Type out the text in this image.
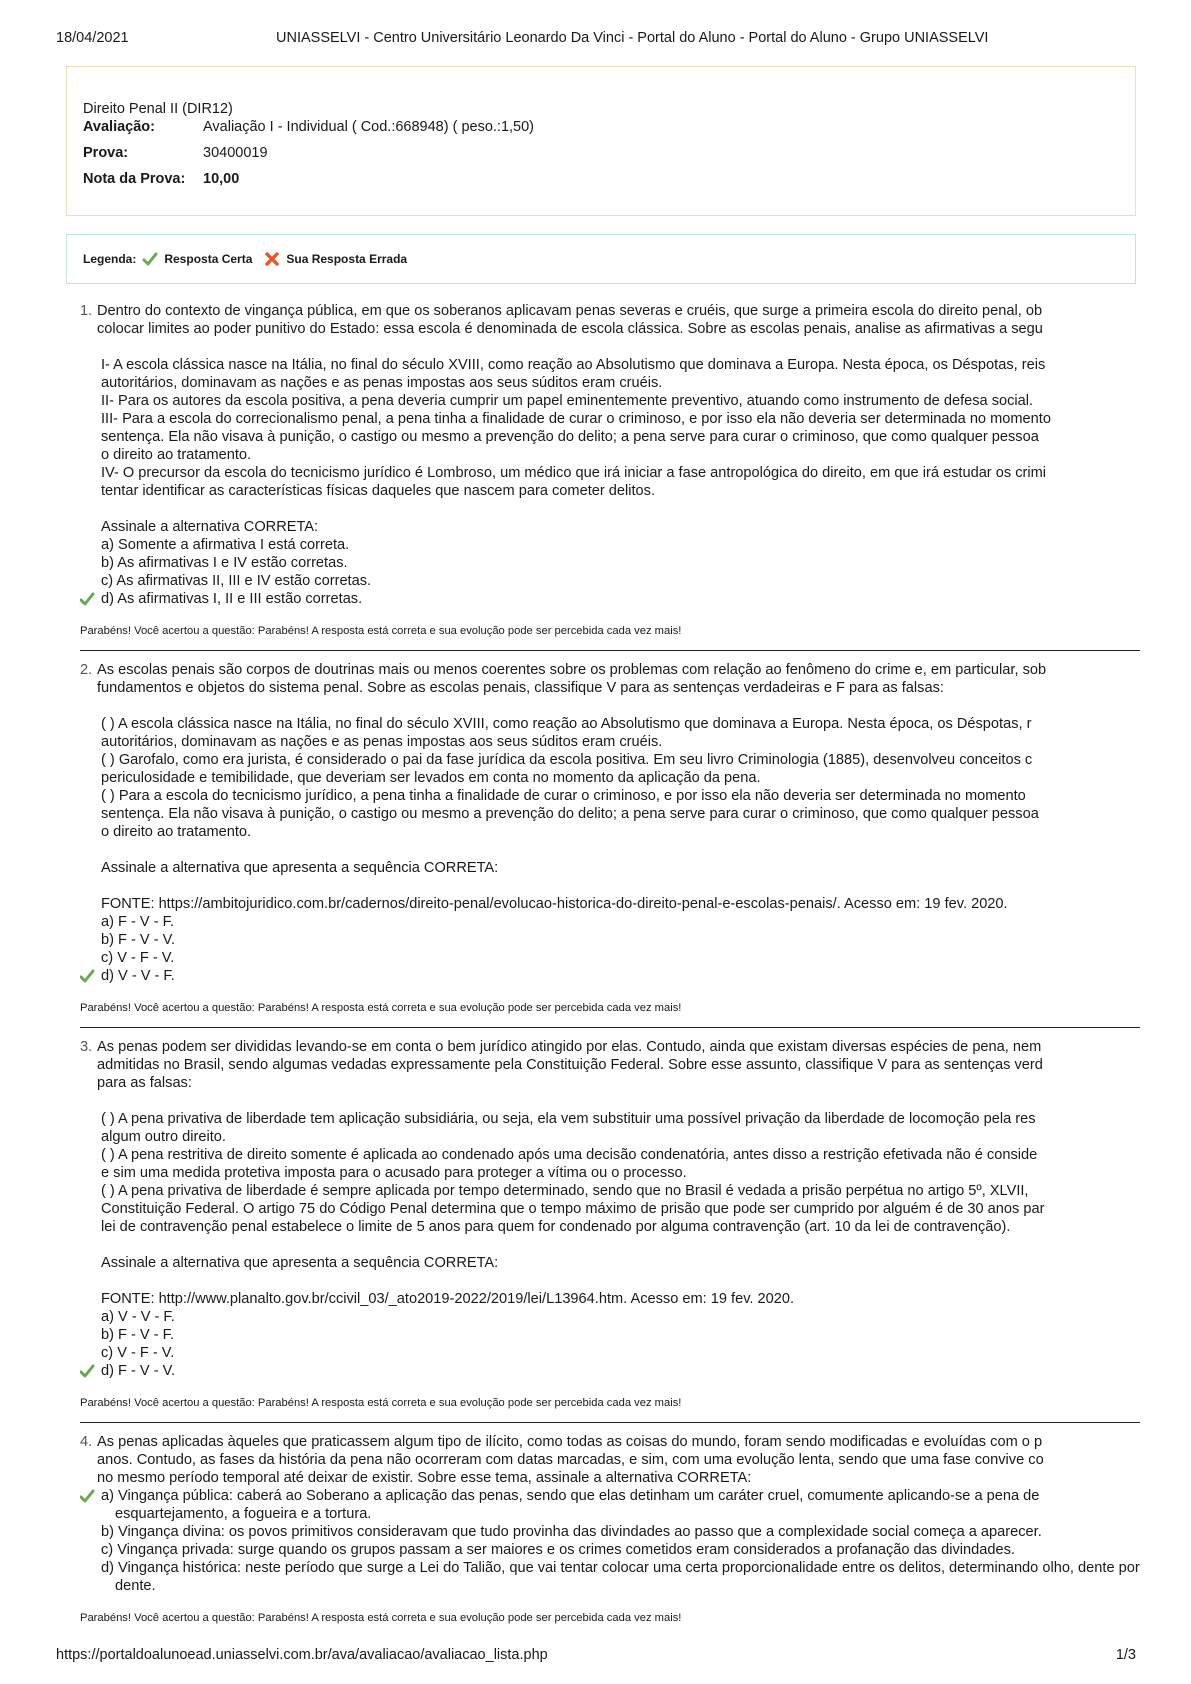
18/04/2021	UNIASSELVI - Centro Universitário Leonardo Da Vinci - Portal do Aluno - Portal do Aluno - Grupo UNIASSELVI
Direito Penal II (DIR12)
Avaliação:	Avaliação I - Individual ( Cod.:668948) ( peso.:1,50)
Prova:	30400019
Nota da Prova:	10,00
Legenda: Resposta Certa	Sua Resposta Errada
1. Dentro do contexto de vingança pública, em que os soberanos aplicavam penas severas e cruéis, que surge a primeira escola do direito penal, ob
colocar limites ao poder punitivo do Estado: essa escola é denominada de escola clássica. Sobre as escolas penais, analise as afirmativas a segu
I- A escola clássica nasce na Itália, no final do século XVIII, como reação ao Absolutismo que dominava a Europa. Nesta época, os Déspotas, reis
autoritários, dominavam as nações e as penas impostas aos seus súditos eram cruéis.
II- Para os autores da escola positiva, a pena deveria cumprir um papel eminentemente preventivo, atuando como instrumento de defesa social.
III- Para a escola do correcionalismo penal, a pena tinha a finalidade de curar o criminoso, e por isso ela não deveria ser determinada no momento
sentença. Ela não visava à punição, o castigo ou mesmo a prevenção do delito; a pena serve para curar o criminoso, que como qualquer pessoa
o direito ao tratamento.
IV- O precursor da escola do tecnicismo jurídico é Lombroso, um médico que irá iniciar a fase antropológica do direito, em que irá estudar os crimi
tentar identificar as características físicas daqueles que nascem para cometer delitos.
Assinale a alternativa CORRETA:
a) Somente a afirmativa I está correta.
b) As afirmativas I e IV estão corretas.
c) As afirmativas II, III e IV estão corretas.
d) As afirmativas I, II e III estão corretas.
Parabéns! Você acertou a questão: Parabéns! A resposta está correta e sua evolução pode ser percebida cada vez mais!
2. As escolas penais são corpos de doutrinas mais ou menos coerentes sobre os problemas com relação ao fenômeno do crime e, em particular, sob
fundamentos e objetos do sistema penal. Sobre as escolas penais, classifique V para as sentenças verdadeiras e F para as falsas:
( ) A escola clássica nasce na Itália, no final do século XVIII, como reação ao Absolutismo que dominava a Europa. Nesta época, os Déspotas, r
autoritários, dominavam as nações e as penas impostas aos seus súditos eram cruéis.
( ) Garofalo, como era jurista, é considerado o pai da fase jurídica da escola positiva. Em seu livro Criminologia (1885), desenvolveu conceitos c
periculosidade e temibilidade, que deveriam ser levados em conta no momento da aplicação da pena.
( ) Para a escola do tecnicismo jurídico, a pena tinha a finalidade de curar o criminoso, e por isso ela não deveria ser determinada no momento
sentença. Ela não visava à punição, o castigo ou mesmo a prevenção do delito; a pena serve para curar o criminoso, que como qualquer pessoa
o direito ao tratamento.
Assinale a alternativa que apresenta a sequência CORRETA:
FONTE: https://ambitojuridico.com.br/cadernos/direito-penal/evolucao-historica-do-direito-penal-e-escolas-penais/. Acesso em: 19 fev. 2020.
a) F - V - F.
b) F - V - V.
c) V - F - V.
d) V - V - F.
Parabéns! Você acertou a questão: Parabéns! A resposta está correta e sua evolução pode ser percebida cada vez mais!
3. As penas podem ser divididas levando-se em conta o bem jurídico atingido por elas. Contudo, ainda que existam diversas espécies de pena, nem
admitidas no Brasil, sendo algumas vedadas expressamente pela Constituição Federal. Sobre esse assunto, classifique V para as sentenças verd
para as falsas:
( ) A pena privativa de liberdade tem aplicação subsidiária, ou seja, ela vem substituir uma possível privação da liberdade de locomoção pela res
algum outro direito.
( ) A pena restritiva de direito somente é aplicada ao condenado após uma decisão condenatória, antes disso a restrição efetivada não é conside
e sim uma medida protetiva imposta para o acusado para proteger a vítima ou o processo.
( ) A pena privativa de liberdade é sempre aplicada por tempo determinado, sendo que no Brasil é vedada a prisão perpétua no artigo 5º, XLVII,
Constituição Federal. O artigo 75 do Código Penal determina que o tempo máximo de prisão que pode ser cumprido por alguém é de 30 anos par
lei de contravenção penal estabelece o limite de 5 anos para quem for condenado por alguma contravenção (art. 10 da lei de contravenção).
Assinale a alternativa que apresenta a sequência CORRETA:
FONTE: http://www.planalto.gov.br/ccivil_03/_ato2019-2022/2019/lei/L13964.htm. Acesso em: 19 fev. 2020.
a) V - V - F.
b) F - V - F.
c) V - F - V.
d) F - V - V.
Parabéns! Você acertou a questão: Parabéns! A resposta está correta e sua evolução pode ser percebida cada vez mais!
4. As penas aplicadas àqueles que praticassem algum tipo de ilícito, como todas as coisas do mundo, foram sendo modificadas e evoluídas com o p
anos. Contudo, as fases da história da pena não ocorreram com datas marcadas, e sim, com uma evolução lenta, sendo que uma fase convive co
no mesmo período temporal até deixar de existir. Sobre esse tema, assinale a alternativa CORRETA:
a) Vingança pública: caberá ao Soberano a aplicação das penas, sendo que elas detinham um caráter cruel, comumente aplicando-se a pena de esquartejamento, a fogueira e a tortura.
b) Vingança divina: os povos primitivos consideravam que tudo provinha das divindades ao passo que a complexidade social começa a aparecer.
c) Vingança privada: surge quando os grupos passam a ser maiores e os crimes cometidos eram considerados a profanação das divindades.
d) Vingança histórica: neste período que surge a Lei do Talião, que vai tentar colocar uma certa proporcionalidade entre os delitos, determinando olho, dente por dente.
Parabéns! Você acertou a questão: Parabéns! A resposta está correta e sua evolução pode ser percebida cada vez mais!
https://portaldoalunoead.uniasselvi.com.br/ava/avaliacao/avaliacao_lista.php	1/3
